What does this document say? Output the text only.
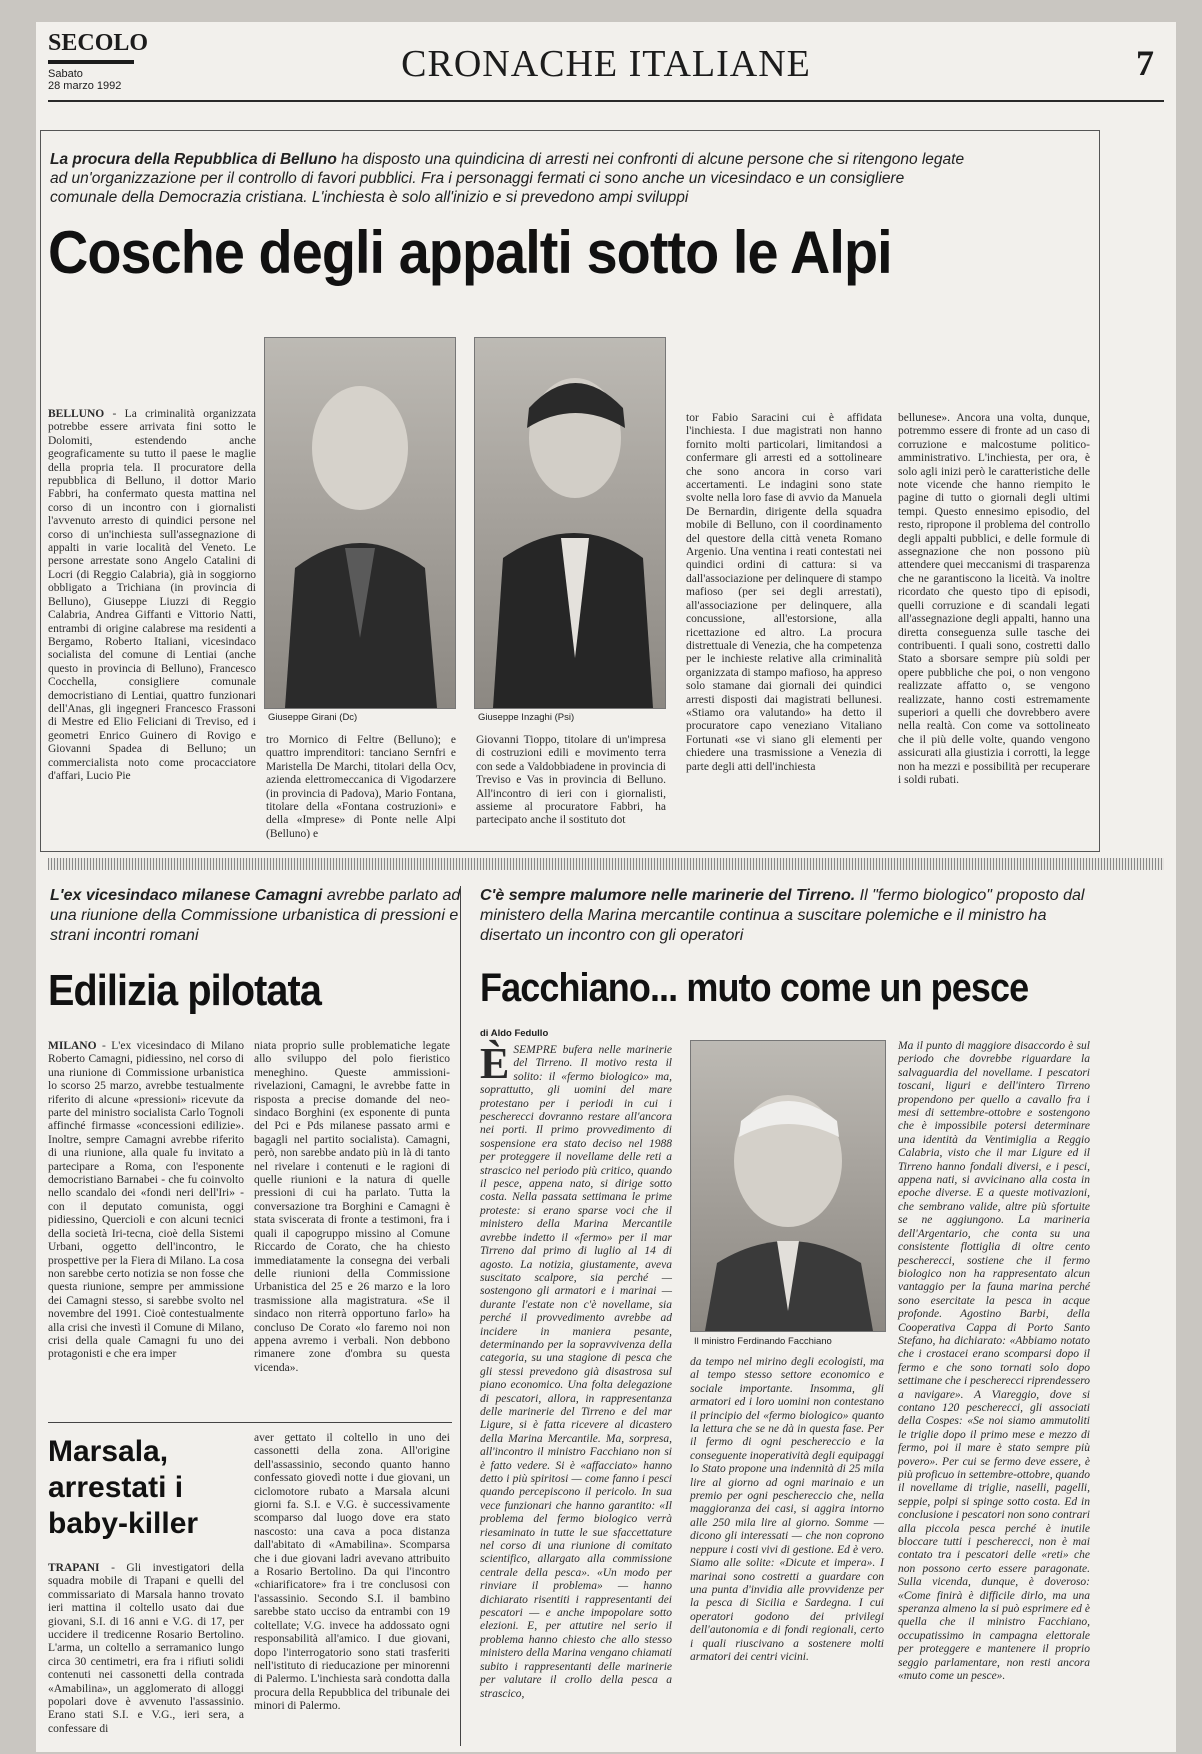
SECOLO
Sabato
28 marzo 1992
CRONACHE ITALIANE	7
La procura della Repubblica di Belluno ha disposto una quindicina di arresti nei confronti di alcune persone che si ritengono legate ad un'organizzazione per il controllo di favori pubblici. Fra i personaggi fermati ci sono anche un vicesindaco e un consigliere comunale della Democrazia cristiana. L'inchiesta è solo all'inizio e si prevedono ampi sviluppi
Cosche degli appalti sotto le Alpi
Giuseppe Girani (Dc)	Giuseppe Inzaghi (Psi)

BELLUNO - La criminalità organizzata potrebbe essere arrivata fini sotto le Dolomiti, estendendo anche geograficamente su tutto il paese le maglie della propria tela. Il procuratore della repubblica di Belluno, il dottor Mario Fabbri, ha confermato questa mattina nel corso di un incontro con i giornalisti l'avvenuto arresto di quindici persone nel corso di un'inchiesta sull'assegnazione di appalti in varie località del Veneto. Le persone arrestate sono Angelo Catalini di Locri (di Reggio Calabria), già in soggiorno obbligato a Trichiana (in provincia di Belluno), Giuseppe Liuzzi di Reggio Calabria, Andrea Giffanti e Vittorio Natti, entrambi di origine calabrese ma residenti a Bergamo, Roberto Italiani, vicesindaco socialista del comune di Lentiai (anche questo in provincia di Belluno), Francesco Cocchella, consigliere comunale democristiano di Lentiai, quattro funzionari dell'Anas, gli ingegneri Francesco Frassoni di Mestre ed Elio Feliciani di Treviso, ed i geometri Enrico Guinero di Rovigo e Giovanni Spadea di Belluno; un commercialista noto come procacciatore d'affari, Lucio Pie

tro Mornico di Feltre (Belluno); e quattro imprenditori: tanciano Sernfri e Maristella De Marchi, titolari della Ocv, azienda elettromeccanica di Vigodarzere (in provincia di Padova), Mario Fontana, titolare della «Fontana costruzioni» e della «Imprese» di Ponte nelle Alpi (Belluno) e

Giovanni Tioppo, titolare di un'impresa di costruzioni edili e movimento terra con sede a Valdobbiadene in provincia di Treviso e Vas in provincia di Belluno. All'incontro di ieri con i giornalisti, assieme al procuratore Fabbri, ha partecipato anche il sostituto dot

tor Fabio Saracini cui è affidata l'inchiesta. I due magistrati non hanno fornito molti particolari, limitandosi a confermare gli arresti ed a sottolineare che sono ancora in corso vari accertamenti. Le indagini sono state svolte nella loro fase di avvio da Manuela De Bernardin, dirigente della squadra mobile di Belluno, con il coordinamento del questore della città veneta Romano Argenio. Una ventina i reati contestati nei quindici ordini di cattura: si va dall'associazione per delinquere di stampo mafioso (per sei degli arrestati), all'associazione per delinquere, alla concussione, all'estorsione, alla ricettazione ed altro. La procura distrettuale di Venezia, che ha competenza per le inchieste relative alla criminalità organizzata di stampo mafioso, ha appreso solo stamane dai giornali dei quindici arresti disposti dai magistrati bellunesi. «Stiamo ora valutando» ha detto il procuratore capo veneziano Vitaliano Fortunati «se vi siano gli elementi per chiedere una trasmissione a Venezia di parte degli atti dell'inchiesta

bellunese». Ancora una volta, dunque, potremmo essere di fronte ad un caso di corruzione e malcostume politico-amministrativo. L'inchiesta, per ora, è solo agli inizi però le caratteristiche delle note vicende che hanno riempito le pagine di tutto o giornali degli ultimi tempi. Questo ennesimo episodio, del resto, ripropone il problema del controllo degli appalti pubblici, e delle formule di assegnazione che non possono più attendere quei meccanismi di trasparenza che ne garantiscono la liceità. Va inoltre ricordato che questo tipo di episodi, quelli corruzione e di scandali legati all'assegnazione degli appalti, hanno una diretta conseguenza sulle tasche dei contribuenti. I quali sono, costretti dallo Stato a sborsare sempre più soldi per opere pubbliche che poi, o non vengono realizzate affatto o, se vengono realizzate, hanno costi estremamente superiori a quelli che dovrebbero avere nella realtà. Con come va sottolineato che il più delle volte, quando vengono assicurati alla giustizia i corrotti, la legge non ha mezzi e possibilità per recuperare i soldi rubati.

L'ex vicesindaco milanese Camagni avrebbe parlato ad una riunione della Commissione urbanistica di pressioni e strani incontri romani
Edilizia pilotata

MILANO - L'ex vicesindaco di Milano Roberto Camagni, pidiessino, nel corso di una riunione di Commissione urbanistica lo scorso 25 marzo, avrebbe testualmente riferito di alcune «pressioni» ricevute da parte del ministro socialista Carlo Tognoli affinché firmasse «concessioni edilizie». Inoltre, sempre Camagni avrebbe riferito di una riunione, alla quale fu invitato a partecipare a Roma, con l'esponente democristiano Barnabei - che fu coinvolto nello scandalo dei «fondi neri dell'Iri» - con il deputato comunista, oggi pidiessino, Quercioli e con alcuni tecnici della società Iri-tecna, cioè della Sistemi Urbani, oggetto dell'incontro, le prospettive per la Fiera di Milano. La cosa non sarebbe certo notizia se non fosse che questa riunione, sempre per ammissione dei Camagni stesso, si sarebbe svolto nel novembre del 1991. Cioè contestualmente alla crisi che investì il Comune di Milano, crisi della quale Camagni fu uno dei protagonisti e che era imper

niata proprio sulle problematiche legate allo sviluppo del polo fieristico meneghino. Queste ammissioni-rivelazioni, Camagni, le avrebbe fatte in risposta a precise domande del neo-sindaco Borghini (ex esponente di punta del Pci e Pds milanese passato armi e bagagli nel partito socialista). Camagni, però, non sarebbe andato più in là di tanto nel rivelare i contenuti e le ragioni di quelle riunioni e la natura di quelle pressioni di cui ha parlato. Tutta la conversazione tra Borghini e Camagni è stata sviscerata di fronte a testimoni, fra i quali il capogruppo missino al Comune Riccardo de Corato, che ha chiesto immediatamente la consegna dei verbali delle riunioni della Commissione Urbanistica del 25 e 26 marzo e la loro trasmissione alla magistratura. «Se il sindaco non riterrà opportuno farlo» ha concluso De Corato «lo faremo noi non appena avremo i verbali. Non debbono rimanere zone d'ombra su questa vicenda».

Marsala, arrestati i baby-killer

TRAPANI - Gli investigatori della squadra mobile di Trapani e quelli del commissariato di Marsala hanno trovato ieri mattina il coltello usato dai due giovani, S.I. di 16 anni e V.G. di 17, per uccidere il tredicenne Rosario Bertolino. L'arma, un coltello a serramanico lungo circa 30 centimetri, era fra i rifiuti solidi contenuti nei cassonetti della contrada «Amabilina», un agglomerato di alloggi popolari dove è avvenuto l'assassinio. Erano stati S.I. e V.G., ieri sera, a confessare di

aver gettato il coltello in uno dei cassonetti della zona. All'origine dell'assassinio, secondo quanto hanno confessato giovedì notte i due giovani, un ciclomotore rubato a Marsala alcuni giorni fa. S.I. e V.G. è successivamente scomparso dal luogo dove era stato nascosto: una cava a poca distanza dall'abitato di «Amabilina». Scomparsa che i due giovani ladri avevano attribuito a Rosario Bertolino. Da qui l'incontro «chiarificatore» fra i tre conclusosi con l'assassinio. Secondo S.I. il bambino sarebbe stato ucciso da entrambi con 19 coltellate; V.G. invece ha addossato ogni responsabilità all'amico. I due giovani, dopo l'interrogatorio sono stati trasferiti nell'istituto di rieducazione per minorenni di Palermo. L'inchiesta sarà condotta dalla procura della Repubblica del tribunale dei minori di Palermo.

C'è sempre malumore nelle marinerie del Tirreno. Il "fermo biologico" proposto dal ministero della Marina mercantile continua a suscitare polemiche e il ministro ha disertato un incontro con gli operatori
Facchiano... muto come un pesce
di Aldo Fedullo

ÈSEMPRE bufera nelle marinerie del Tirreno. Il motivo resta il solito: il «fermo biologico» ma, soprattutto, gli uomini del mare protestano per i periodi in cui i pescherecci dovranno restare all'ancora nei porti. Il primo provvedimento di sospensione era stato deciso nel 1988 per proteggere il novellame delle reti a strascico nel periodo più critico, quando il pesce, appena nato, si dirige sotto costa. Nella passata settimana le prime proteste: si erano sparse voci che il ministero della Marina Mercantile avrebbe indetto il «fermo» per il mar Tirreno dal primo di luglio al 14 di agosto. La notizia, giustamente, aveva suscitato scalpore, sia perché — sostengono gli armatori e i marinai — durante l'estate non c'è novellame, sia perché il provvedimento avrebbe ad incidere in maniera pesante, determinando per la sopravvivenza della categoria, su una stagione di pesca che gli stessi prevedono già disastrosa sul piano economico. Una folta delegazione di pescatori, allora, in rappresentanza delle marinerie del Tirreno e del mar Ligure, si è fatta ricevere al dicastero della Marina Mercantile. Ma, sorpresa, all'incontro il ministro Facchiano non si è fatto vedere. Si è «affacciato» hanno detto i più spiritosi — come fanno i pesci quando percepiscono il pericolo. In sua vece funzionari che hanno garantito: «Il problema del fermo biologico verrà riesaminato in tutte le sue sfaccettature nel corso di una riunione di comitato scientifico, allargato alla commissione centrale della pesca». «Un modo per rinviare il problema» — hanno dichiarato risentiti i rappresentanti dei pescatori — e anche impopolare sotto elezioni. E, per attutire nel serio il problema hanno chiesto che allo stesso ministero della Marina vengano chiamati subito i rappresentanti delle marinerie per valutare il crollo della pesca a strascico,

Il ministro Ferdinando Facchiano

da tempo nel mirino degli ecologisti, ma al tempo stesso settore economico e sociale importante. Insomma, gli armatori ed i loro uomini non contestano il principio del «fermo biologico» quanto la lettura che se ne dà in questa fase. Per il fermo di ogni peschereccio e la conseguente inoperatività degli equipaggi lo Stato propone una indennità di 25 mila lire al giorno ad ogni marinaio e un premio per ogni peschereccio che, nella maggioranza dei casi, si aggira intorno alle 250 mila lire al giorno. Somme — dicono gli interessati — che non coprono neppure i costi vivi di gestione. Ed è vero. Siamo alle solite: «Dicute et impera». I marinai sono costretti a guardare con una punta d'invidia alle provvidenze per la pesca di Sicilia e Sardegna. I cui operatori godono dei privilegi dell'autonomia e di fondi regionali, certo i quali riuscivano a sostenere molti armatori dei centri vicini.

Ma il punto di maggiore disaccordo è sul periodo che dovrebbe riguardare la salvaguardia del novellame. I pescatori toscani, liguri e dell'intero Tirreno propendono per quello a cavallo fra i mesi di settembre-ottobre e sostengono che è impossibile potersi determinare una identità da Ventimiglia a Reggio Calabria, visto che il mar Ligure ed il Tirreno hanno fondali diversi, e i pesci, appena nati, si avvicinano alla costa in epoche diverse. E a queste motivazioni, che sembrano valide, altre più sfortuite se ne aggiungono. La marineria dell'Argentario, che conta su una consistente flottiglia di oltre cento pescherecci, sostiene che il fermo biologico non ha rappresentato alcun vantaggio per la fauna marina perché sono esercitate la pesca in acque profonde. Agostino Barbi, della Cooperativa Cappa di Porto Santo Stefano, ha dichiarato: «Abbiamo notato che i crostacei erano scomparsi dopo il fermo e che sono tornati solo dopo settimane che i pescherecci riprendessero a navigare». A Viareggio, dove si contano 120 pescherecci, gli associati della Cospes: «Se noi siamo ammutoliti le triglie dopo il primo mese e mezzo di fermo, poi il mare è stato sempre più povero». Per cui se fermo deve essere, è più proficuo in settembre-ottobre, quando il novellame di triglie, naselli, pagelli, seppie, polpi si spinge sotto costa. Ed in conclusione i pescatori non sono contrari alla piccola pesca perché è inutile bloccare tutti i pescherecci, non è mai contato tra i pescatori delle «reti» che non possono certo essere paragonate. Sulla vicenda, dunque, è doveroso: «Come finirà è difficile dirlo, ma una speranza almeno la si può esprimere ed è quella che il ministro Facchiano, occupatissimo in campagna elettorale per proteggere e mantenere il proprio seggio parlamentare, non resti ancora «muto come un pesce».
